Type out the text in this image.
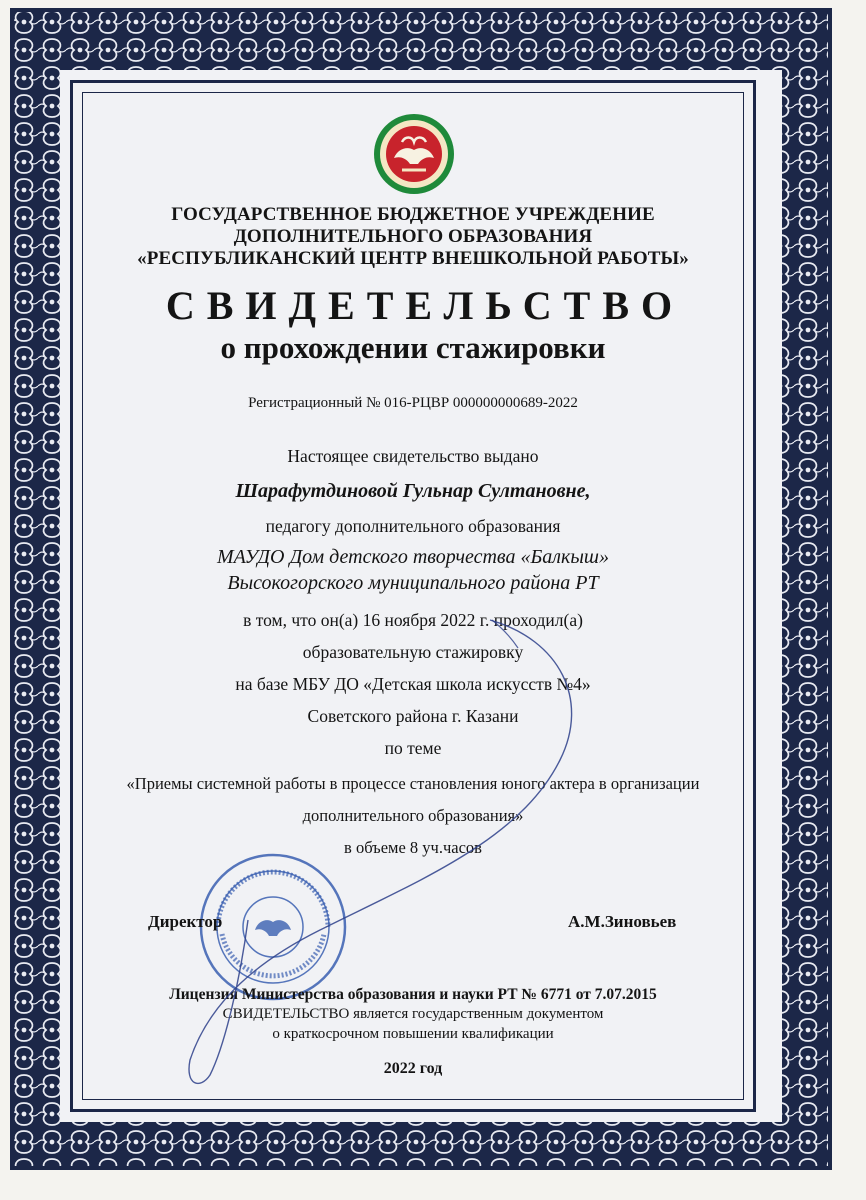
ГОСУДАРСТВЕННОЕ БЮДЖЕТНОЕ УЧРЕЖДЕНИЕ
ДОПОЛНИТЕЛЬНОГО ОБРАЗОВАНИЯ
«РЕСПУБЛИКАНСКИЙ ЦЕНТР ВНЕШКОЛЬНОЙ РАБОТЫ»
СВИДЕТЕЛЬСТВО
о прохождении стажировки
Регистрационный № 016-РЦВР 000000000689-2022
Настоящее свидетельство выдано
Шарафутдиновой Гульнар Султановне,
педагогу дополнительного образования
МАУДО Дом детского творчества «Балкыш»
Высокогорского муниципального района РТ
в том, что он(а) 16 ноября 2022 г. проходил(а)
образовательную стажировку
на базе МБУ ДО «Детская школа искусств №4»
Советского района г. Казани
по теме
«Приемы системной работы в процессе становления юного актера в организации
дополнительного образования»
в объеме 8 уч.часов
Директор	А.М.Зиновьев
Лицензия Министерства образования и науки РТ № 6771 от 7.07.2015
СВИДЕТЕЛЬСТВО является государственным документом
о краткосрочном повышении квалификации
2022 год
